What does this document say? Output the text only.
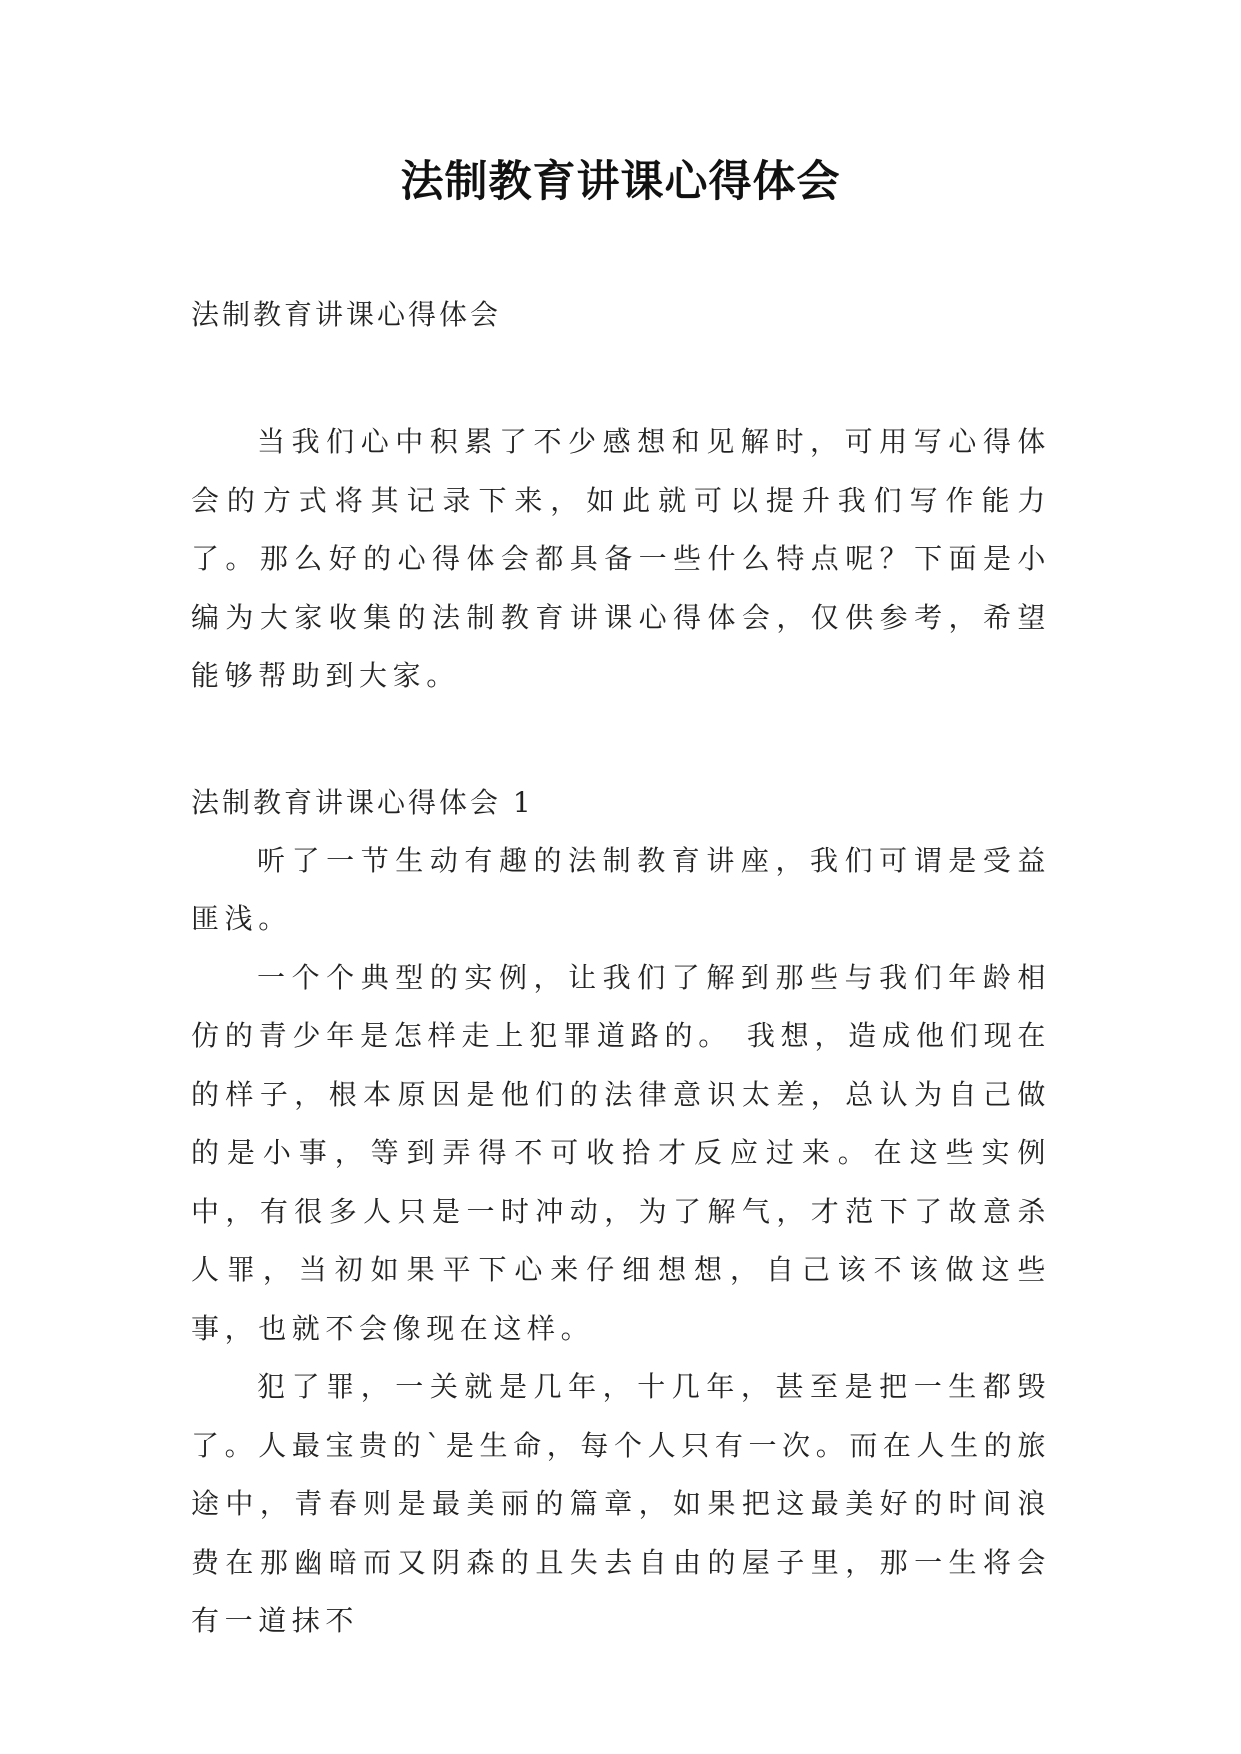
法制教育讲课心得体会

法制教育讲课心得体会

当我们心中积累了不少感想和见解时，可用写心得体会的方式将其记录下来，如此就可以提升我们写作能力了。那么好的心得体会都具备一些什么特点呢？下面是小编为大家收集的法制教育讲课心得体会，仅供参考，希望能够帮助到大家。

法制教育讲课心得体会 1

听了一节生动有趣的法制教育讲座，我们可谓是受益匪浅。

一个个典型的实例，让我们了解到那些与我们年龄相仿的青少年是怎样走上犯罪道路的。 我想，造成他们现在的样子，根本原因是他们的法律意识太差，总认为自己做的是小事，等到弄得不可收拾才反应过来。在这些实例中，有很多人只是一时冲动，为了解气，才范下了故意杀人罪，当初如果平下心来仔细想想，自己该不该做这些事，也就不会像现在这样。

犯了罪，一关就是几年，十几年，甚至是把一生都毁了。人最宝贵的`是生命，每个人只有一次。而在人生的旅途中，青春则是最美丽的篇章，如果把这最美好的时间浪费在那幽暗而又阴森的且失去自由的屋子里，那一生将会有一道抹不
